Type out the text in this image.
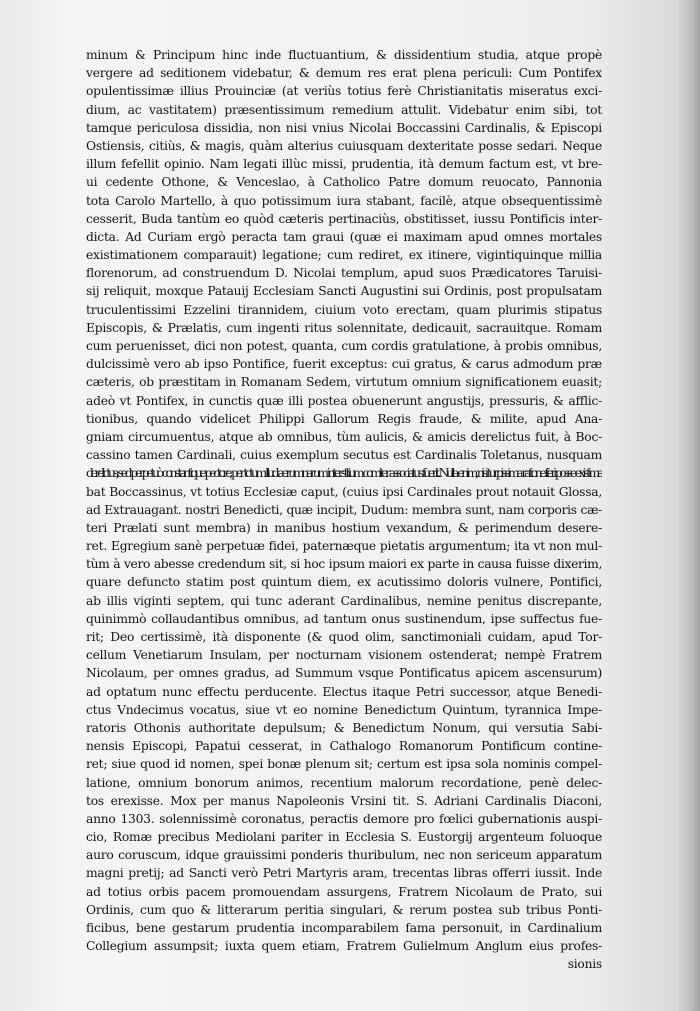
minum & Principum hinc inde fluctuantium, & dissidentium studia, atque propè
vergere ad seditionem videbatur, & demum res erat plena periculi: Cum Pontifex
opulentissimæ illius Prouinciæ (at veriùs totius ferè Christianitatis miseratus exci-
dium, ac vastitatem) præsentissimum remedium attulit. Videbatur enim sibi, tot
tamque periculosa dissidia, non nisi vnius Nicolai Boccassini Cardinalis, & Episcopi
Ostiensis, citiùs, & magis, quàm alterius cuiusquam dexteritate posse sedari. Neque
illum fefellit opinio. Nam legati illùc missi, prudentia, ità demum factum est, vt bre-
ui cedente Othone, & Venceslao, à Catholico Patre domum reuocato, Pannonia
tota Carolo Martello, à quo potissimum iura stabant, facilè, atque obsequentissimè
cesserit, Buda tantùm eo quòd cæteris pertinaciùs, obstitisset, iussu Pontificis inter-
dicta. Ad Curiam ergò peracta tam graui (quæ ei maximam apud omnes mortales
existimationem comparauit) legatione; cum rediret, ex itinere, vigintiquinque millia
florenorum, ad construendum D. Nicolai templum, apud suos Prædicatores Taruisi-
sij reliquit, moxque Patauij Ecclesiam Sancti Augustini sui Ordinis, post propulsatam
truculentissimi Ezzelini tirannidem, ciuium voto erectam, quam plurimis stipatus
Episcopis, & Prælatis, cum ingenti ritus solennitate, dedicauit, sacrauitque. Romam
cum peruenisset, dici non potest, quanta, cum cordis gratulatione, à probis omnibus,
dulcissimè vero ab ipso Pontifice, fuerit exceptus: cui gratus, & carus admodum præ
cæteris, ob præstitam in Romanam Sedem, virtutum omnium significationem euasit;
adeò vt Pontifex, in cunctis quæ illi postea obuenerunt angustijs, pressuris, & afflic-
tionibus, quando videlicet Philippi Gallorum Regis fraude, & milite, apud Ana-
gniam circumuentus, atque ab omnibus, tùm aulicis, & amicis derelictus fuit, à Boc-
cassino tamen Cardinali, cuius exemplum secutus est Cardinalis Toletanus, nusquam
derelictus; sed perpetuò constantique pectore, per totum illud ærumnarum interstitium comiter associatus fuerit. Nulla enim, nisi turpissima ratione fieri posse existima-
bat Boccassinus, vt totius Ecclesiæ caput, (cuius ipsi Cardinales prout notauit Glossa,
ad Extrauagant. nostri Benedicti, quæ incipit, Dudum: membra sunt, nam corporis cæ-
teri Prælati sunt membra) in manibus hostium vexandum, & perimendum desere-
ret. Egregium sanè perpetuæ fidei, paternæque pietatis argumentum; ita vt non mul-
tùm à vero abesse credendum sit, si hoc ipsum maiori ex parte in causa fuisse dixerim,
quare defuncto statim post quintum diem, ex acutissimo doloris vulnere, Pontifici,
ab illis viginti septem, qui tunc aderant Cardinalibus, nemine penitus discrepante,
quinimmò collaudantibus omnibus, ad tantum onus sustinendum, ipse suffectus fue-
rit; Deo certissimè, ità disponente (& quod olim, sanctimoniali cuidam, apud Tor-
cellum Venetiarum Insulam, per nocturnam visionem ostenderat; nempè Fratrem
Nicolaum, per omnes gradus, ad Summum vsque Pontificatus apicem ascensurum)
ad optatum nunc effectu perducente. Electus itaque Petri successor, atque Benedi-
ctus Vndecimus vocatus, siue vt eo nomine Benedictum Quintum, tyrannica Impe-
ratoris Othonis authoritate depulsum; & Benedictum Nonum, qui versutia Sabi-
nensis Episcopi, Papatui cesserat, in Cathalogo Romanorum Pontificum contine-
ret; siue quod id nomen, spei bonæ plenum sit; certum est ipsa sola nominis compel-
latione, omnium bonorum animos, recentium malorum recordatione, penè delec-
tos erexisse. Mox per manus Napoleonis Vrsini tit. S. Adriani Cardinalis Diaconi,
anno 1303. solennissimè coronatus, peractis demore pro fœlici gubernationis auspi-
cio, Romæ precibus Mediolani pariter in Ecclesia S. Eustorgij argenteum foluoque
auro coruscum, idque grauissimi ponderis thuribulum, nec non sericeum apparatum
magni pretij; ad Sancti verò Petri Martyris aram, trecentas libras offerri iussit. Inde
ad totius orbis pacem promouendam assurgens, Fratrem Nicolaum de Prato, sui
Ordinis, cum quo & litterarum peritia singulari, & rerum postea sub tribus Ponti-
ficibus, bene gestarum prudentia incomparabilem fama personuit, in Cardinalium
Collegium assumpsit; iuxta quem etiam, Fratrem Gulielmum Anglum eius profes-
sionis
